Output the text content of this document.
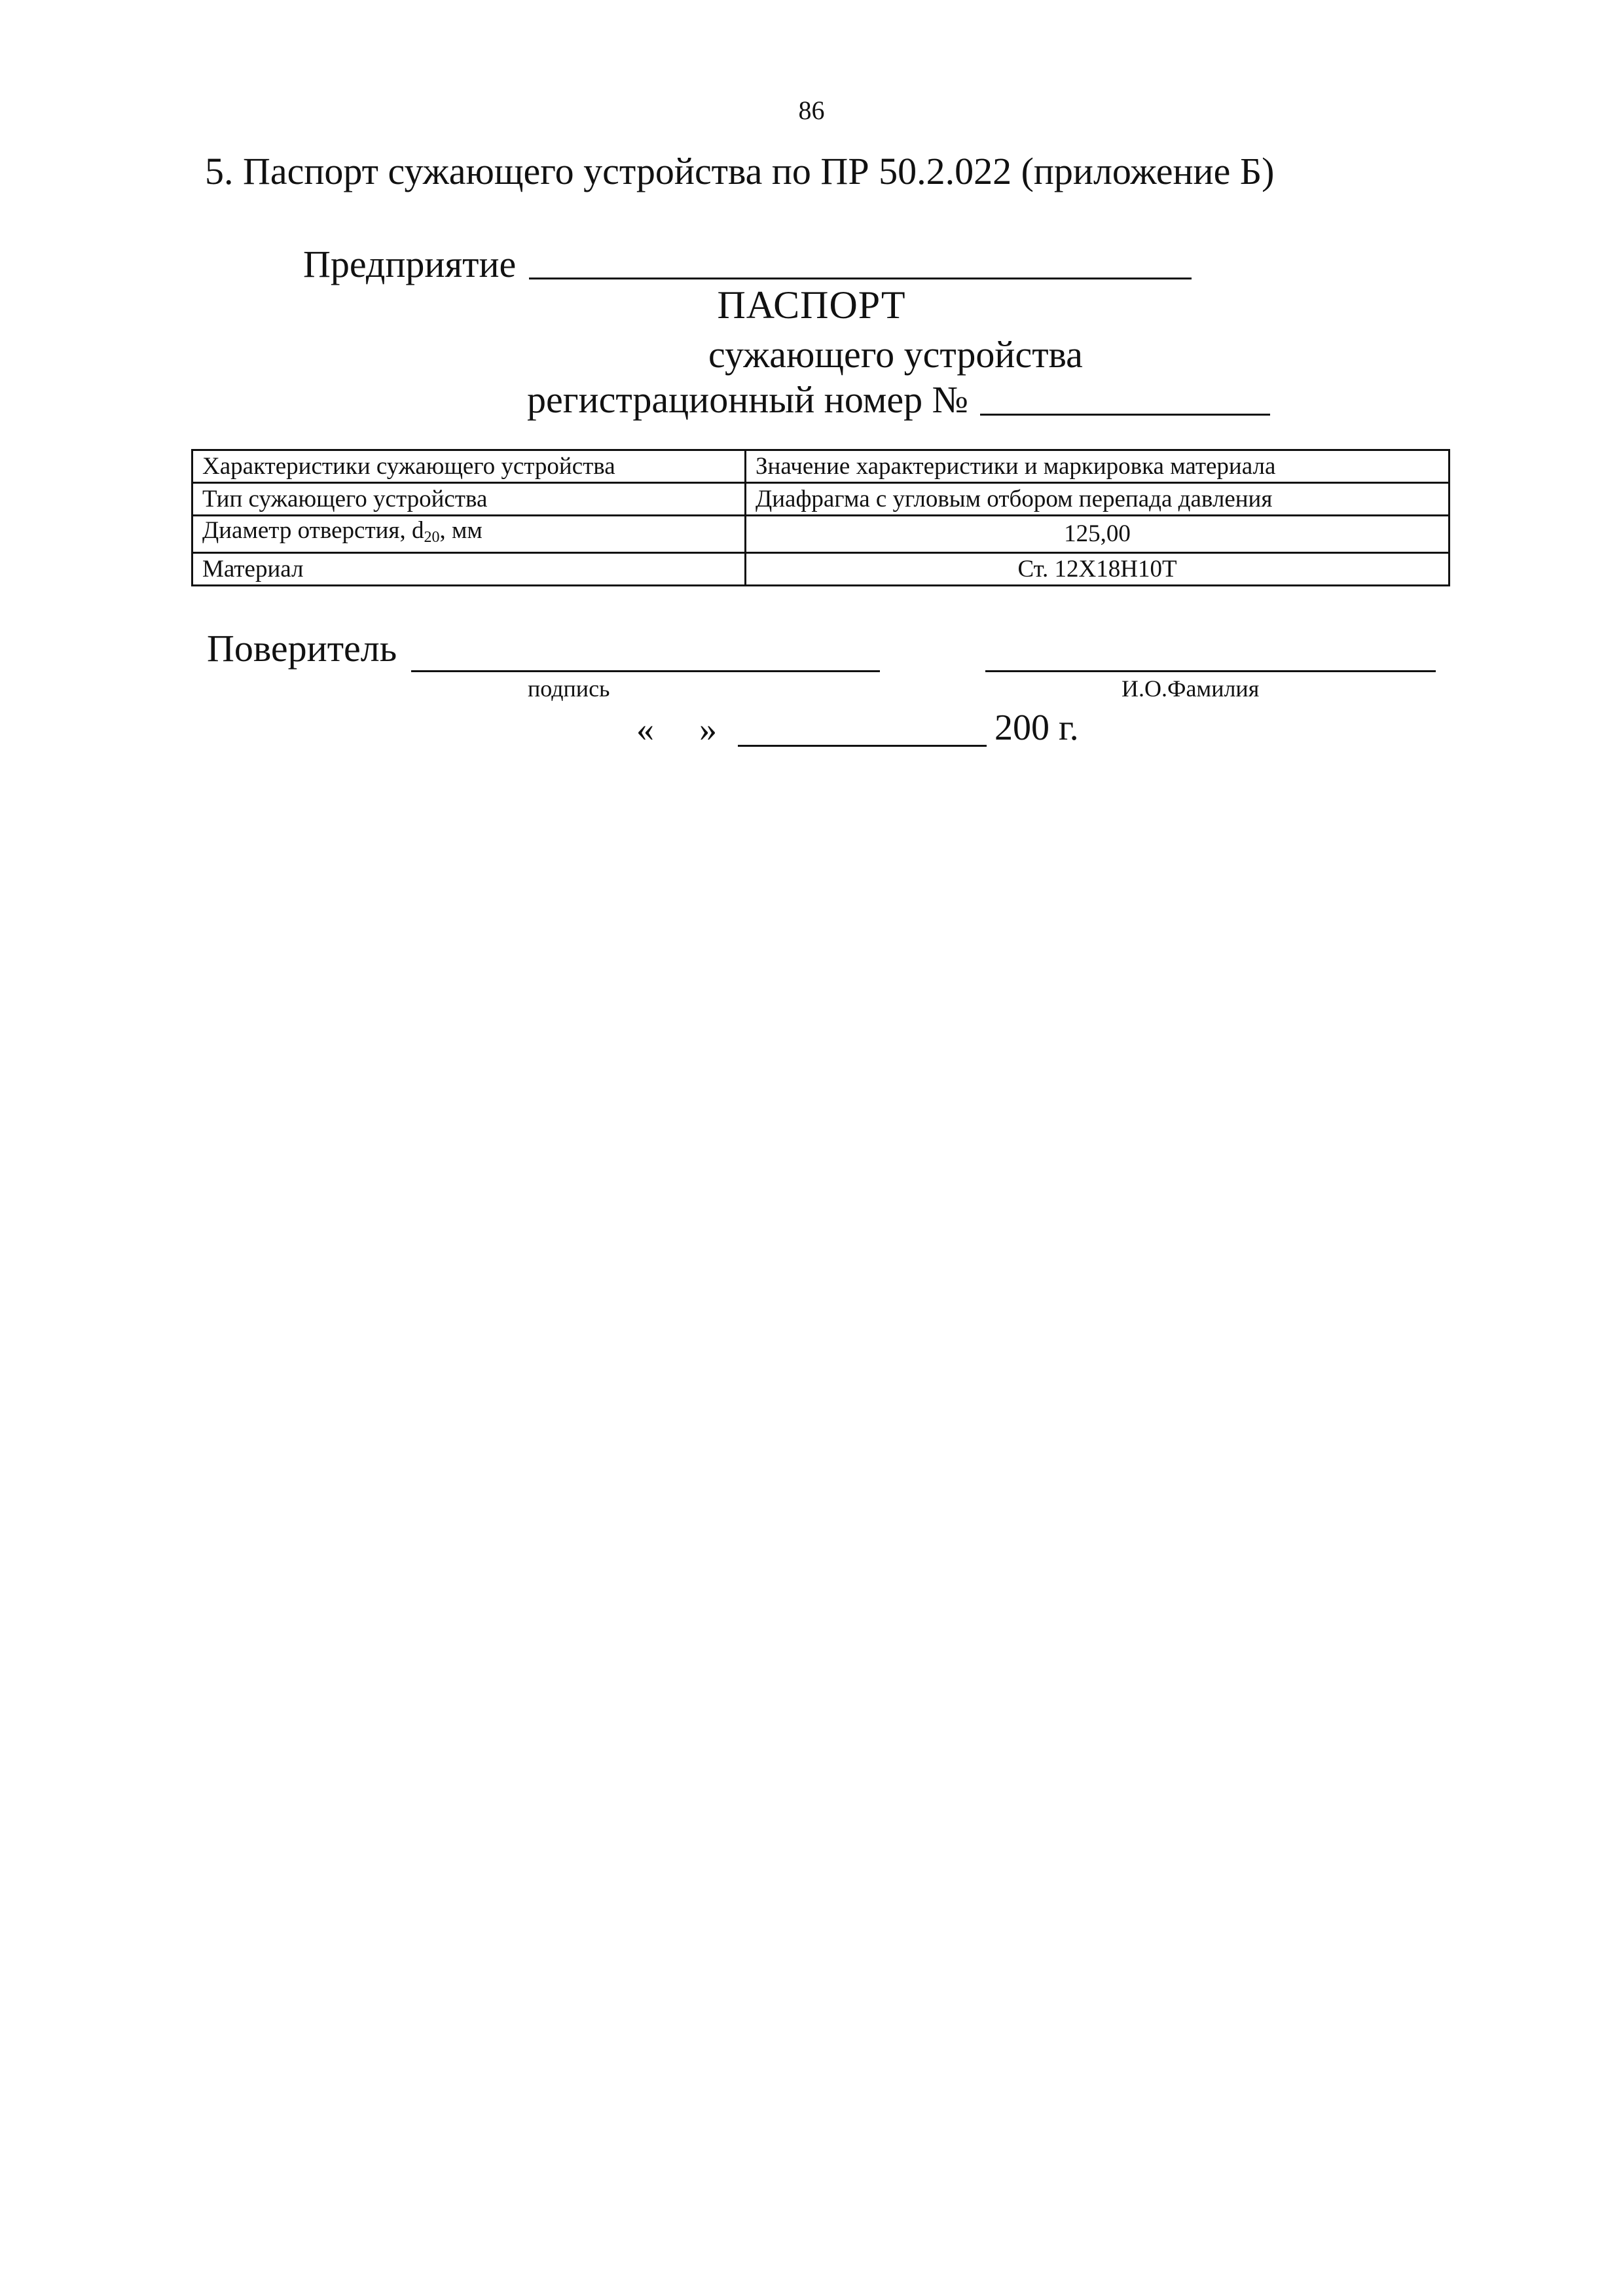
86
5. Паспорт сужающего устройства по ПР 50.2.022 (приложение Б)
Предприятие
ПАСПОРТ
сужающего устройства
регистрационный номер №
Характеристики сужающего устройства	Значение характеристики и маркировка материала
Тип сужающего устройства	Диафрагма с угловым отбором перепада давления
Диаметр отверстия, $d_{20}$, мм	125,00
Материал	Ст. 12Х18Н10Т
Поверитель
подпись	И.О.Фамилия
« »	200 г.
